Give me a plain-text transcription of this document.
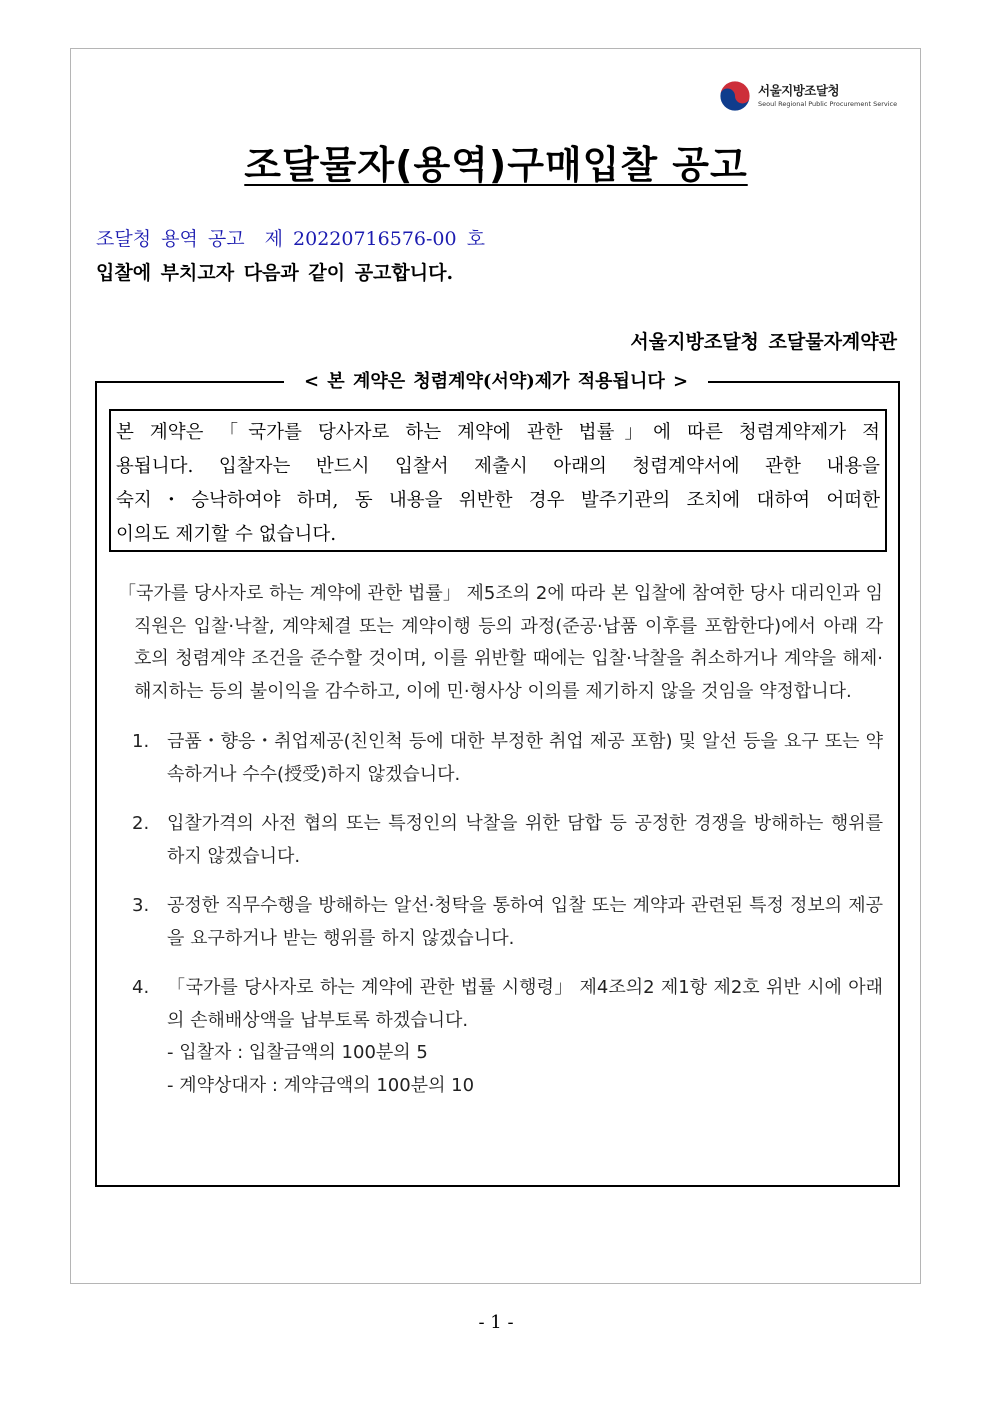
서울지방조달청
Seoul Regional Public Procurement Service
조달물자(용역)구매입찰 공고
조달청 용역 공고  제 20220716576-00 호
입찰에 부치고자 다음과 같이 공고합니다.
서울지방조달청 조달물자계약관
< 본 계약은 청렴계약(서약)제가 적용됩니다 >
본 계약은 「국가를 당사자로 하는 계약에 관한 법률」에 따른 청렴계약제가 적
용됩니다. 입찰자는 반드시 입찰서 제출시 아래의 청렴계약서에 관한 내용을
숙지・승낙하여야 하며, 동 내용을 위반한 경우 발주기관의 조치에 대하여 어떠한
이의도 제기할 수 없습니다.
「국가를 당사자로 하는 계약에 관한 법률」 제5조의 2에 따라 본 입찰에 참여한 당사 대리인과 임직원은 입찰·낙찰, 계약체결 또는 계약이행 등의 과정(준공·납품 이후를 포함한다)에서 아래 각 호의 청렴계약 조건을 준수할 것이며, 이를 위반할 때에는 입찰·낙찰을 취소하거나 계약을 해제·해지하는 등의 불이익을 감수하고, 이에 민·형사상 이의를 제기하지 않을 것임을 약정합니다.
1. 금품・향응・취업제공(친인척 등에 대한 부정한 취업 제공 포함) 및 알선 등을 요구 또는 약속하거나 수수(授受)하지 않겠습니다.
2. 입찰가격의 사전 협의 또는 특정인의 낙찰을 위한 담합 등 공정한 경쟁을 방해하는 행위를 하지 않겠습니다.
3. 공정한 직무수행을 방해하는 알선·청탁을 통하여 입찰 또는 계약과 관련된 특정 정보의 제공을 요구하거나 받는 행위를 하지 않겠습니다.
4. 「국가를 당사자로 하는 계약에 관한 법률 시행령」 제4조의2 제1항 제2호 위반 시에 아래의 손해배상액을 납부토록 하겠습니다.
- 입찰자 : 입찰금액의 100분의 5
- 계약상대자 : 계약금액의 100분의 10
- 1 -
